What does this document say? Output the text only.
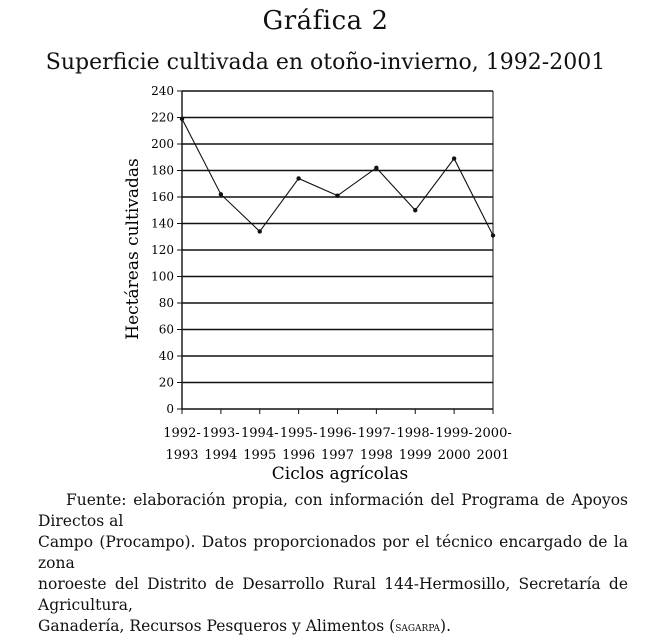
Gráfica 2
Superficie cultivada en otoño-invierno, 1992-2001
0
20
40
60
80
100
120
140
160
180
200
220
240
1992-
1993
1993-
1994
1994-
1995
1995-
1996
1996-
1997
1997-
1998
1998-
1999
1999-
2000
2000-
2001
Hectáreas cultivadas
Ciclos agrícolas
Fuente: elaboración propia, con información del Programa de Apoyos Directos al
Campo (Procampo). Datos proporcionados por el técnico encargado de la zona
noroeste del Distrito de Desarrollo Rural 144-Hermosillo, Secretaría de Agricultura,
Ganadería, Recursos Pesqueros y Alimentos (sagarpa).
